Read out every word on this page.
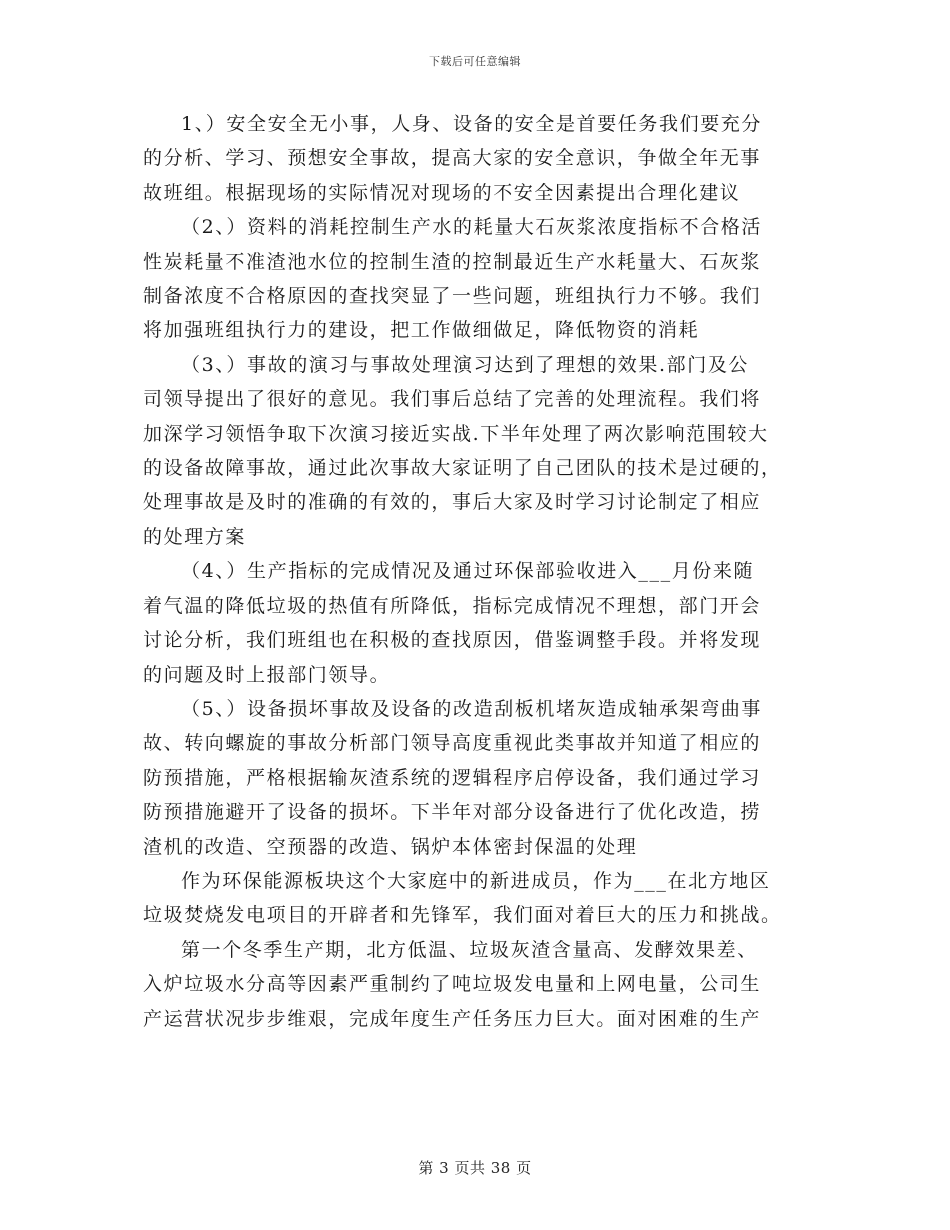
下载后可任意编辑
1、）安全安全无小事，人身、设备的安全是首要任务我们要充分
的分析、学习、预想安全事故，提高大家的安全意识，争做全年无事
故班组。根据现场的实际情况对现场的不安全因素提出合理化建议
（2、）资料的消耗控制生产水的耗量大石灰浆浓度指标不合格活
性炭耗量不准渣池水位的控制生渣的控制最近生产水耗量大、石灰浆
制备浓度不合格原因的查找突显了一些问题，班组执行力不够。我们
将加强班组执行力的建设，把工作做细做足，降低物资的消耗
（3、）事故的演习与事故处理演习达到了理想的效果.部门及公
司领导提出了很好的意见。我们事后总结了完善的处理流程。我们将
加深学习领悟争取下次演习接近实战.下半年处理了两次影响范围较大
的设备故障事故，通过此次事故大家证明了自己团队的技术是过硬的，
处理事故是及时的准确的有效的，事后大家及时学习讨论制定了相应
的处理方案
（4、）生产指标的完成情况及通过环保部验收进入___月份来随
着气温的降低垃圾的热值有所降低，指标完成情况不理想，部门开会
讨论分析，我们班组也在积极的查找原因，借鉴调整手段。并将发现
的问题及时上报部门领导。
（5、）设备损坏事故及设备的改造刮板机堵灰造成轴承架弯曲事
故、转向螺旋的事故分析部门领导高度重视此类事故并知道了相应的
防预措施，严格根据输灰渣系统的逻辑程序启停设备，我们通过学习
防预措施避开了设备的损坏。下半年对部分设备进行了优化改造，捞
渣机的改造、空预器的改造、锅炉本体密封保温的处理
作为环保能源板块这个大家庭中的新进成员，作为___在北方地区
垃圾焚烧发电项目的开辟者和先锋军，我们面对着巨大的压力和挑战。
第一个冬季生产期，北方低温、垃圾灰渣含量高、发酵效果差、
入炉垃圾水分高等因素严重制约了吨垃圾发电量和上网电量，公司生
产运营状况步步维艰，完成年度生产任务压力巨大。面对困难的生产
第 3 页共 38 页
